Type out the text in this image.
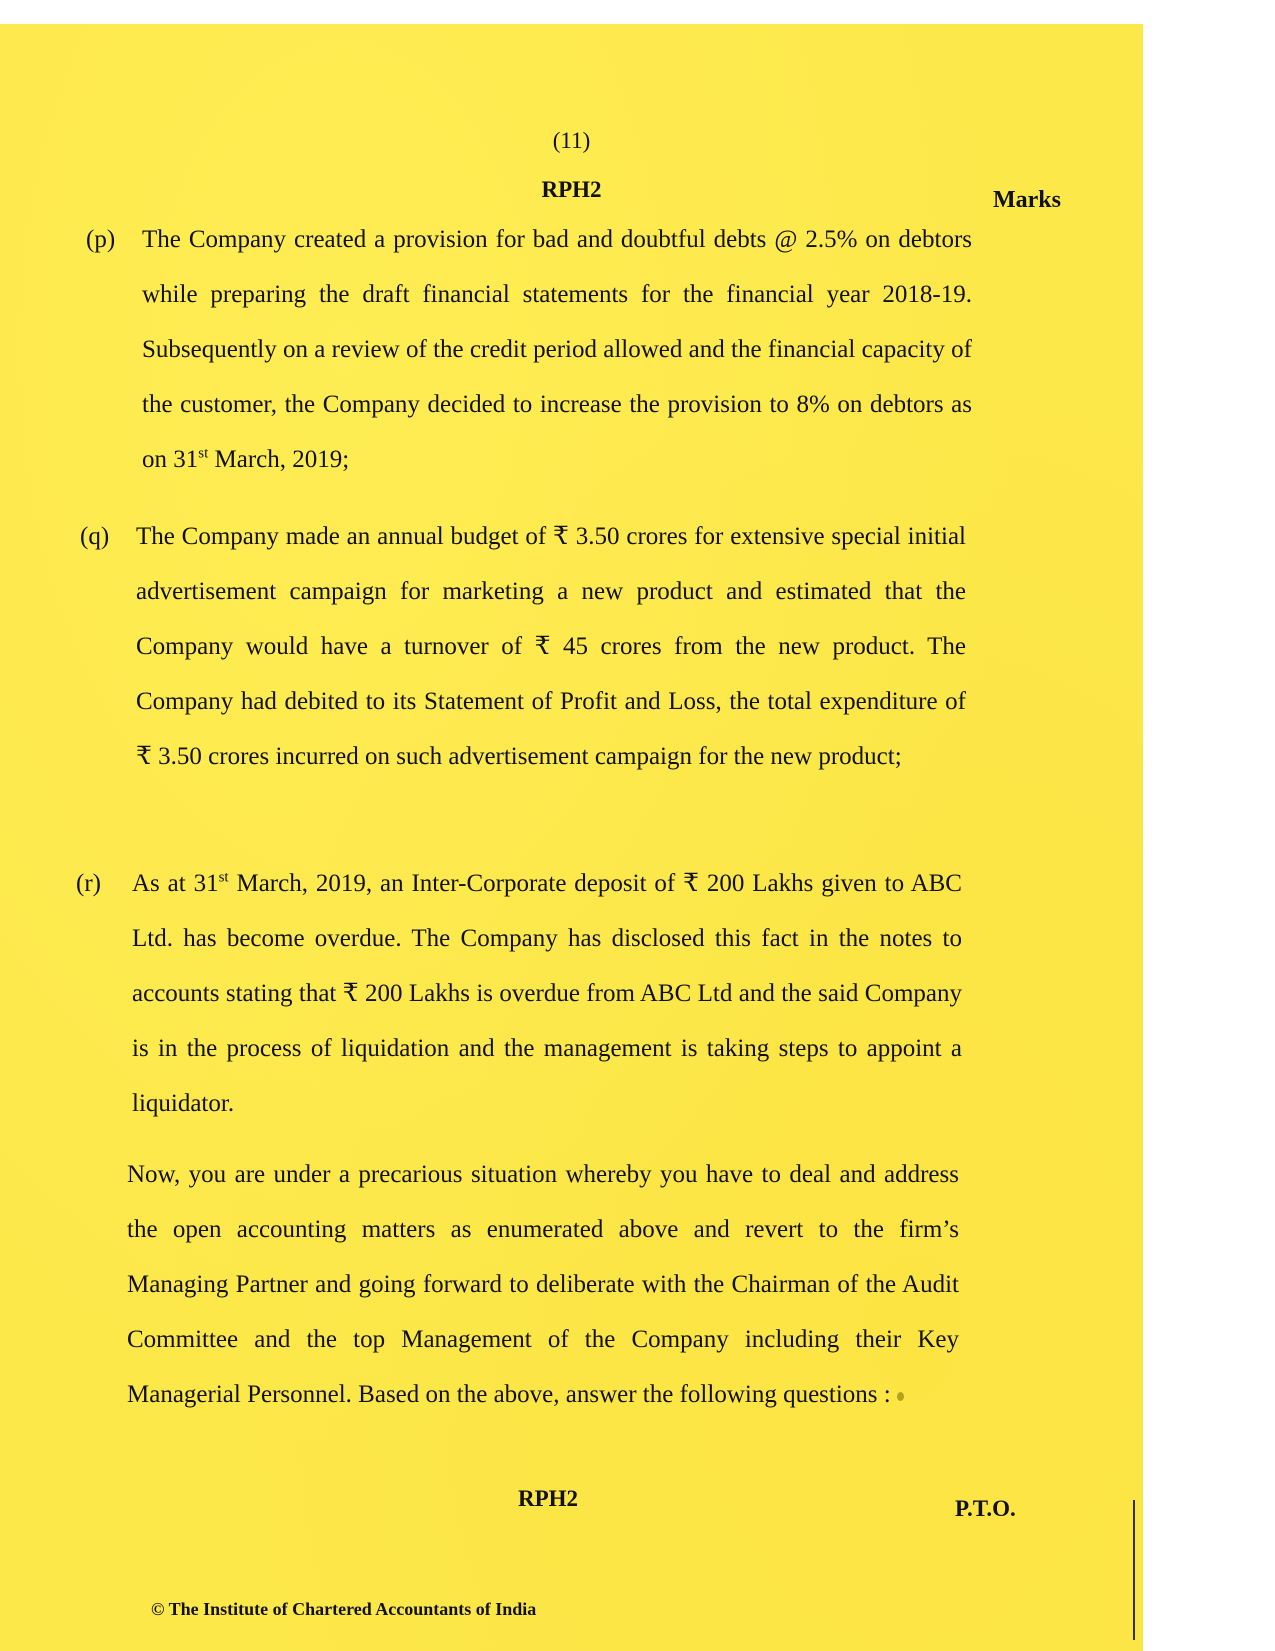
(11)
RPH2	Marks
(p) The Company created a provision for bad and doubtful debts @ 2.5% on debtors while preparing the draft financial statements for the financial year 2018-19. Subsequently on a review of the credit period allowed and the financial capacity of the customer, the Company decided to increase the provision to 8% on debtors as on 31st March, 2019;

(q) The Company made an annual budget of ₹ 3.50 crores for extensive special initial advertisement campaign for marketing a new product and estimated that the Company would have a turnover of ₹ 45 crores from the new product. The Company had debited to its Statement of Profit and Loss, the total expenditure of ₹ 3.50 crores incurred on such advertisement campaign for the new product;

(r) As at 31st March, 2019, an Inter-Corporate deposit of ₹ 200 Lakhs given to ABC Ltd. has become overdue. The Company has disclosed this fact in the notes to accounts stating that ₹ 200 Lakhs is overdue from ABC Ltd and the said Company is in the process of liquidation and the management is taking steps to appoint a liquidator.

Now, you are under a precarious situation whereby you have to deal and address the open accounting matters as enumerated above and revert to the firm’s Managing Partner and going forward to deliberate with the Chairman of the Audit Committee and the top Management of the Company including their Key Managerial Personnel. Based on the above, answer the following questions :
RPH2	P.T.O.
© The Institute of Chartered Accountants of India
